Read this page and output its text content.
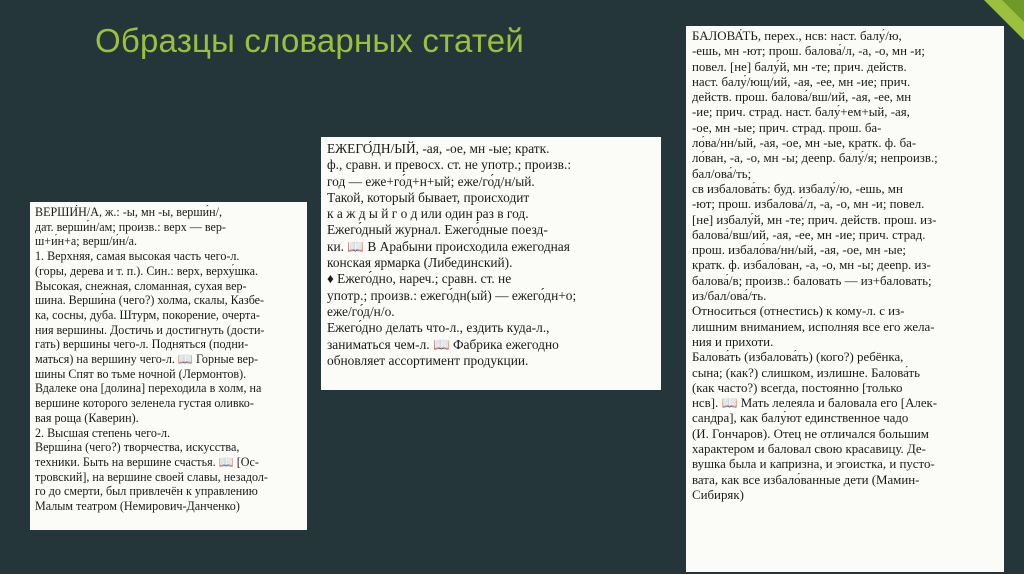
Образцы словарных статей
ВЕРШИ́Н/А, ж.: -ы, мн -ы, верши́н/,
дат. верши́н/ам; произв.: верх — вер-
ш+и́н+а; верш/и́н/а.
1. Верхняя, самая высокая часть чего-л.
(горы, дерева и т. п.). Син.: верх, верху́шка.
Высокая, снежная, сломанная, сухая вер-
шина. Верши́на (чего?) холма, скалы, Казбе-
ка, сосны, дуба. Штурм, покорение, очерта-
ния вершины. Достичь и достигнуть (дости-
гать) вершины чего-л. Подняться (подни-
маться) на вершину чего-л. 📖 Горные вер-
шины Спят во тьме ночной (Лермонтов).
Вдалеке она [долина] переходила в холм, на
вершине которого зеленела густая оливко-
вая роща (Каверин).
2. Высшая степень чего-л.
Верши́на (чего?) творчества, искусства,
техники. Быть на вершине счастья. 📖 [Ос-
тровский], на вершине своей славы, незадол-
го до смерти, был привлечён к управлению
Малым театром (Немирович-Данченко)
ЕЖЕГО́ДН/ЫЙ, -ая, -ое, мн -ые; кратк.
ф., сравн. и превосх. ст. не употр.; произв.:
год — еже+го́д+н+ый; еже/го́д/н/ый.
Такой, который бывает, происходит
к а ж д ы й г о д или один раз в год.
Ежего́дный журнал. Ежего́дные поезд-
ки. 📖 В Арабыни происходила ежегодная
конская ярмарка (Либединский).
♦ Ежего́дно, нареч.; сравн. ст. не
употр.; произв.: ежего́дн(ый) — ежего́дн+о;
еже/го́д/н/о.
Ежего́дно делать что-л., ездить куда-л.,
заниматься чем-л. 📖 Фабрика ежегодно
обновляет ассортимент продукции.
БАЛОВА́ТЬ, перех., нсв: наст. балу́/ю,
-ешь, мн -ют; прош. балова́/л, -а, -о, мн -и;
повел. [не] балу́й, мн -те; прич. действ.
наст. балу́/ющ/ий, -ая, -ее, мн -ие; прич.
действ. прош. балова́/вш/ий, -ая, -ее, мн
-ие; прич. страд. наст. балу́+ем+ый, -ая,
-ое, мн -ые; прич. страд. прош. ба-
ло́ва/нн/ый, -ая, -ое, мн -ые, кратк. ф. ба-
ло́ван, -а, -о, мн -ы; дееnр. балу́/я; непроизв.;
бал/ова́/ть;
св избалова́ть: буд. избалу́/ю, -ешь, мн
-ют; прош. избалова́/л, -а, -о, мн -и; повел.
[не] избалу́й, мн -те; прич. действ. прош. из-
балова́/вш/ий, -ая, -ее, мн -ие; прич. страд.
прош. избало́ва/нн/ый, -ая, -ое, мн -ые;
кратк. ф. избало́ван, -а, -о, мн -ы; дееnр. из-
балова́/в; произв.: баловать — из+баловать;
из/бал/ова́/ть.
Относиться (отнестись) к кому-л. с из-
лишним вниманием, исполняя все его желa-
ния и прихоти.
Балова́ть (избалова́ть) (кого?) ребёнка,
сына; (как?) слишком, излишне. Балова́ть
(как часто?) всегда, постоянно [только
нсв]. 📖 Мать лелеяла и баловала его [Алек-
сандра], как балу́ют единственное чадо
(И. Гончаров). Отец не отличался большим
характером и баловал свою красавицу. Де-
вушка была и капризна, и эгоистка, и пусто-
вата, как все избало́ванные дети (Мамин-
Сибиряк)
